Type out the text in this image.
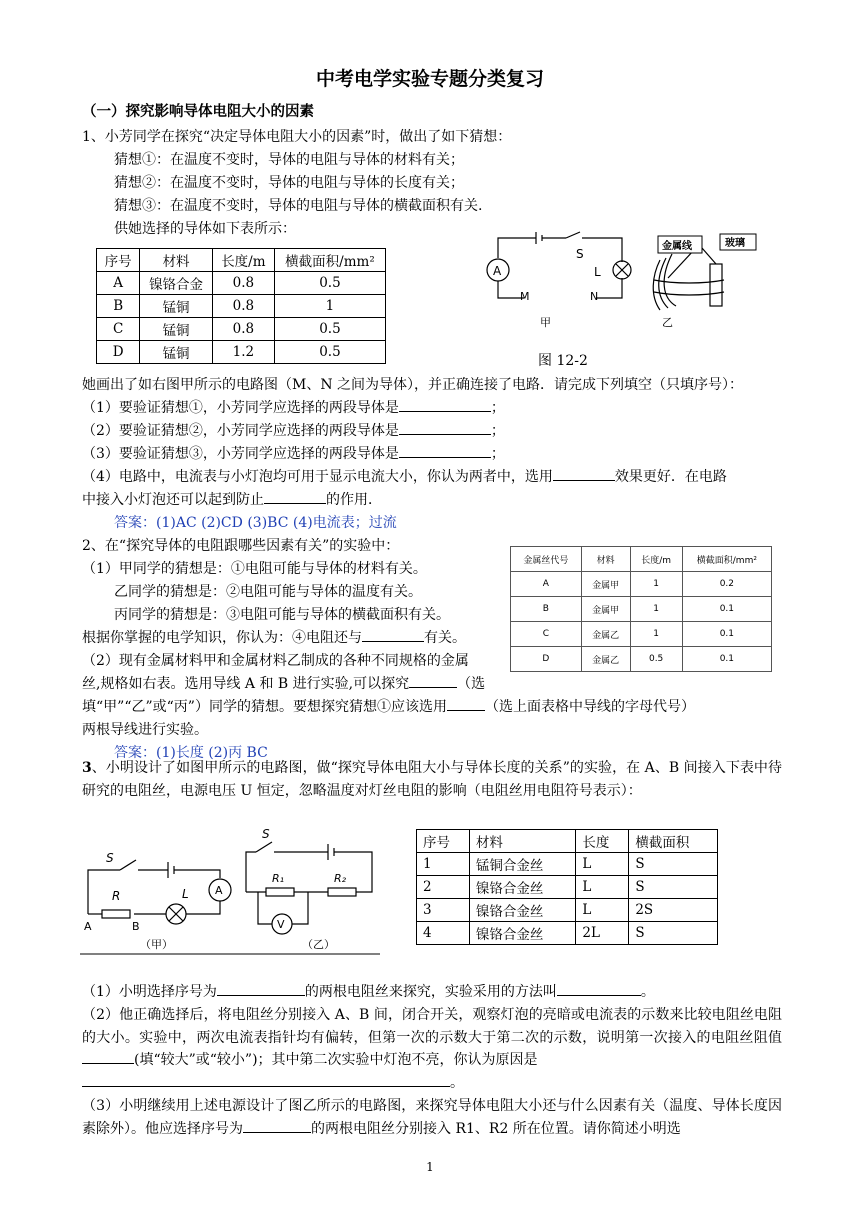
中考电学实验专题分类复习
（一）探究影响导体电阻大小的因素
1、小芳同学在探究“决定导体电阻大小的因素”时，做出了如下猜想：
猜想①：在温度不变时，导体的电阻与导体的材料有关；
猜想②：在温度不变时，导体的电阻与导体的长度有关；
猜想③：在温度不变时，导体的电阻与导体的横截面积有关.
供她选择的导体如下表所示：
序号	材料	长度/m	横截面积/mm²
A	镍铬合金	0.8	0.5
B	锰铜	0.8	1
C	锰铜	0.8	0.5
D	锰铜	1.2	0.5
A
S
L
M	N
甲
金属线	玻璃
乙
图 12-2
她画出了如右图甲所示的电路图（M、N 之间为导体），并正确连接了电路．请完成下列填空（只填序号）：
（1）要验证猜想①，小芳同学应选择的两段导体是	；
（2）要验证猜想②，小芳同学应选择的两段导体是	；
（3）要验证猜想③，小芳同学应选择的两段导体是	；
（4）电路中，电流表与小灯泡均可用于显示电流大小，你认为两者中，选用	效果更好．在电路
中接入小灯泡还可以起到防止	的作用．
答案：(1)AC (2)CD (3)BC (4)电流表；过流
2、在“探究导体的电阻跟哪些因素有关”的实验中：
（1）甲同学的猜想是：①电阻可能与导体的材料有关。
乙同学的猜想是：②电阻可能与导体的温度有关。
丙同学的猜想是：③电阻可能与导体的横截面积有关。
根据你掌握的电学知识，你认为：④电阻还与	有关。
（2）现有金属材料甲和金属材料乙制成的各种不同规格的金属
丝,规格如右表。选用导线 A 和 B 进行实验,可以探究	（选
填“甲”“乙”或“丙”）同学的猜想。要想探究猜想①应该选用	（选上面表格中导线的字母代号）
两根导线进行实验。
答案：(1)长度 (2)丙 BC
金属丝代号	材料	长度/m	横截面积/mm²
A	金属甲	1	0.2
B	金属甲	1	0.1
C	金属乙	1	0.1
D	金属乙	0.5	0.1
3、小明设计了如图甲所示的电路图，做“探究导体电阻大小与导体长度的关系”的实验，在 A、B 间接入下表中待研究的电阻丝，电源电压 U 恒定，忽略温度对灯丝电阻的影响（电阻丝用电阻符号表示）：
S
R	L A
A	B
（甲）
S
R₁	R₂
V
（乙）
序号	材料	长度	横截面积
1	锰铜合金丝	L	S
2	镍铬合金丝	L	S
3	镍铬合金丝	L	2S
4	镍铬合金丝	2L	S
（1）小明选择序号为	的两根电阻丝来探究，实验采用的方法叫	。
（2）他正确选择后，将电阻丝分别接入 A、B 间，闭合开关，观察灯泡的亮暗或电流表的示数来比较电阻丝电阻的大小。实验中，两次电流表指针均有偏转，但第一次的示数大于第二次的示数，说明第一次接入的电阻丝阻值(填“较大”或“较小”)；其中第二次实验中灯泡不亮，你认为原因是
。
（3）小明继续用上述电源设计了图乙所示的电路图，来探究导体电阻大小还与什么因素有关（温度、导体长度因素除外）。他应选择序号为	的两根电阻丝分别接入 R1、R2 所在位置。请你简述小明选
1
